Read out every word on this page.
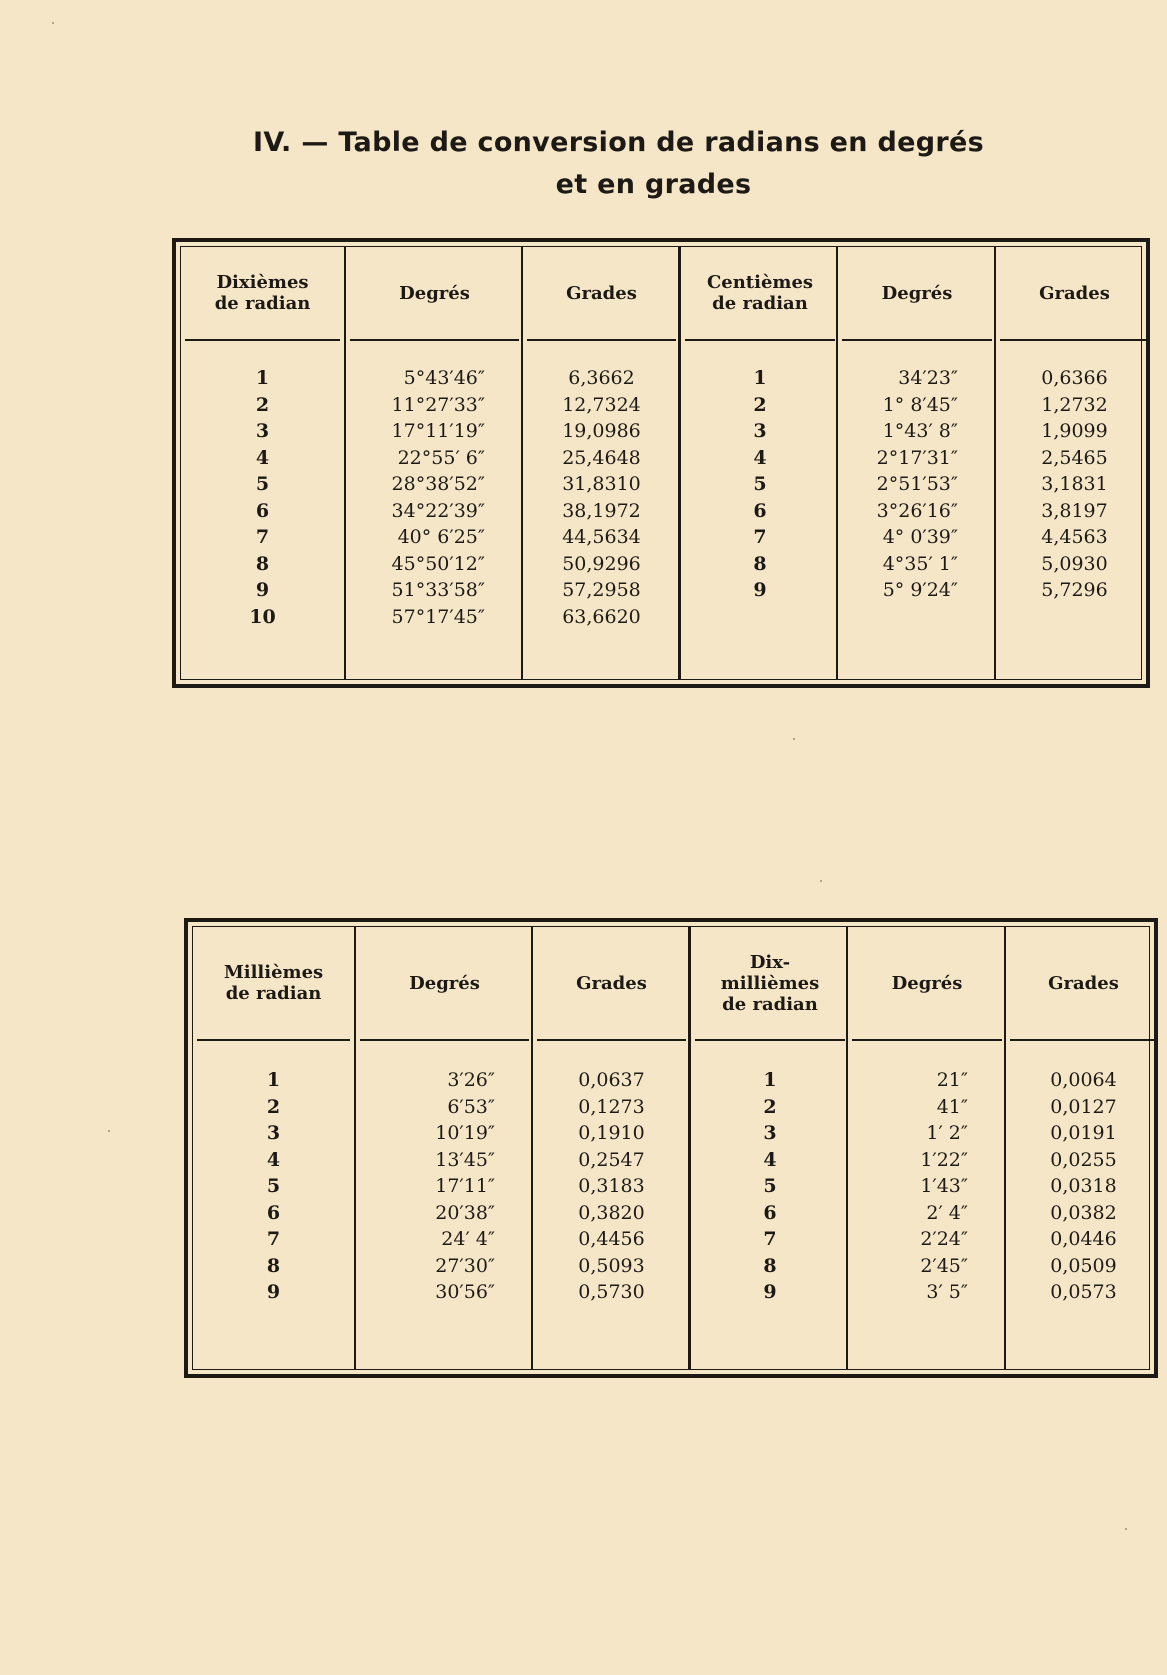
IV. — Table de conversion de radians en degrés
et en grades
Dixièmes
de radian
1
2
3
4
5
6
7
8
9
10
Degrés
5°43′46″
11°27′33″
17°11′19″
22°55′ 6″
28°38′52″
34°22′39″
40° 6′25″
45°50′12″
51°33′58″
57°17′45″
Grades
6,3662
12,7324
19,0986
25,4648
31,8310
38,1972
44,5634
50,9296
57,2958
63,6620
Centièmes
de radian
1
2
3
4
5
6
7
8
9
Degrés
34′23″
1° 8′45″
1°43′ 8″
2°17′31″
2°51′53″
3°26′16″
4° 0′39″
4°35′ 1″
5° 9′24″
Grades
0,6366
1,2732
1,9099
2,5465
3,1831
3,8197
4,4563
5,0930
5,7296
Millièmes
de radian
1
2
3
4
5
6
7
8
9
Degrés
3′26″
6′53″
10′19″
13′45″
17′11″
20′38″
24′ 4″
27′30″
30′56″
Grades
0,0637
0,1273
0,1910
0,2547
0,3183
0,3820
0,4456
0,5093
0,5730
Dix-
millièmes
de radian
1
2
3
4
5
6
7
8
9
Degrés
21″
41″
1′ 2″
1′22″
1′43″
2′ 4″
2′24″
2′45″
3′ 5″
Grades
0,0064
0,0127
0,0191
0,0255
0,0318
0,0382
0,0446
0,0509
0,0573
